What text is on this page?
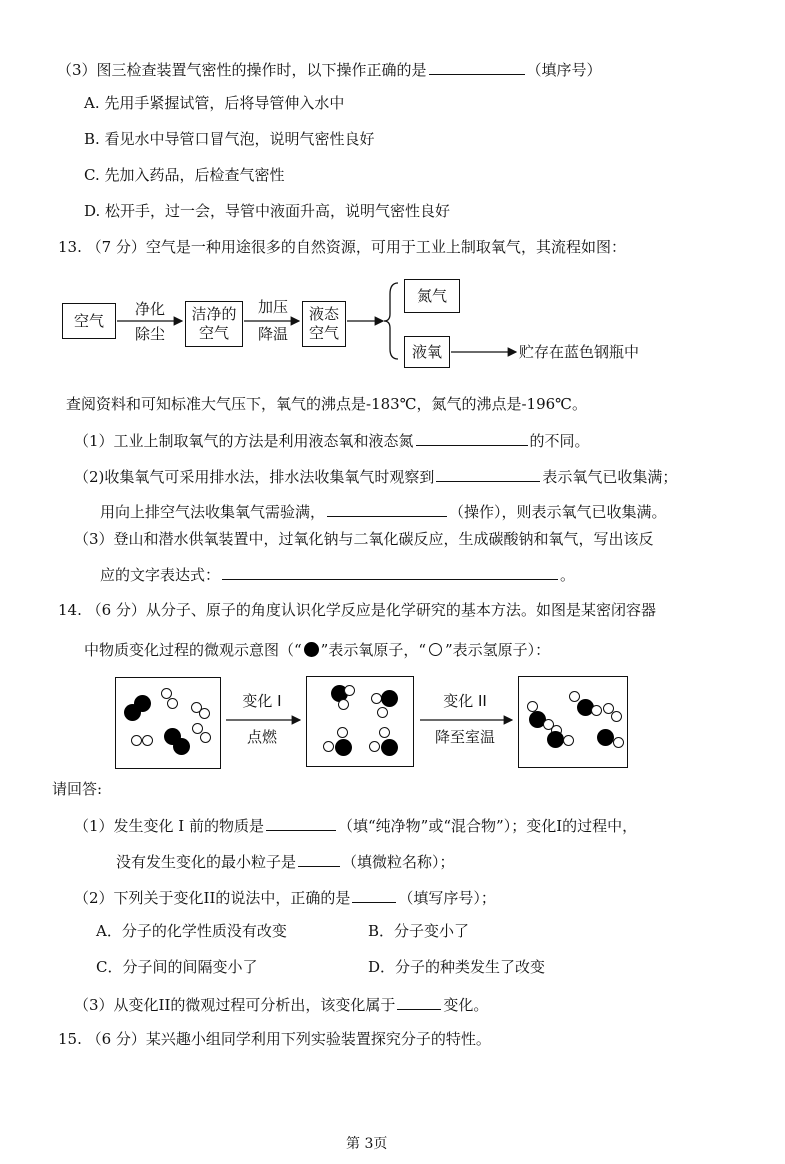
（3）图三检查装置气密性的操作时，以下操作正确的是	（填序号）
A. 先用手紧握试管，后将导管伸入水中
B. 看见水中导管口冒气泡，说明气密性良好
C. 先加入药品，后检查气密性
D. 松开手，过一会，导管中液面升高，说明气密性良好
13. （7 分）空气是一种用途很多的自然资源，可用于工业上制取氧气，其流程如图：
空气
净化
除尘
洁净的
空气
加压
降温
液态
空气
氮气
液氧	贮存在蓝色钢瓶中
查阅资料和可知标准大气压下，氧气的沸点是-183℃，氮气的沸点是-196℃。
（1）工业上制取氧气的方法是利用液态氧和液态氮	的不同。
（2)收集氧气可采用排水法，排水法收集氧气时观察到	表示氧气已收集满；
用向上排空气法收集氧气需验满，	（操作），则表示氧气已收集满。
（3）登山和潜水供氧装置中，过氧化钠与二氧化碳反应，生成碳酸钠和氧气，写出该反
应的文字表达式：	。
14. （6 分）从分子、原子的角度认识化学反应是化学研究的基本方法。如图是某密闭容器
中物质变化过程的微观示意图（“ ”表示氧原子，“ ”表示氢原子）：
变化 I
点燃
变化 II
降至室温
请回答:
（1）发生变化 I 前的物质是	（填“纯净物”或“混合物”）；变化I的过程中，
没有发生变化的最小粒子是	（填微粒名称）；
（2）下列关于变化II的说法中，正确的是	（填写序号）；
A．分子的化学性质没有改变	B．分子变小了
C．分子间的间隔变小了	D．分子的种类发生了改变
（3）从变化II的微观过程可分析出，该变化属于	变化。
15. （6 分）某兴趣小组同学利用下列实验装置探究分子的特性。
第 3页
